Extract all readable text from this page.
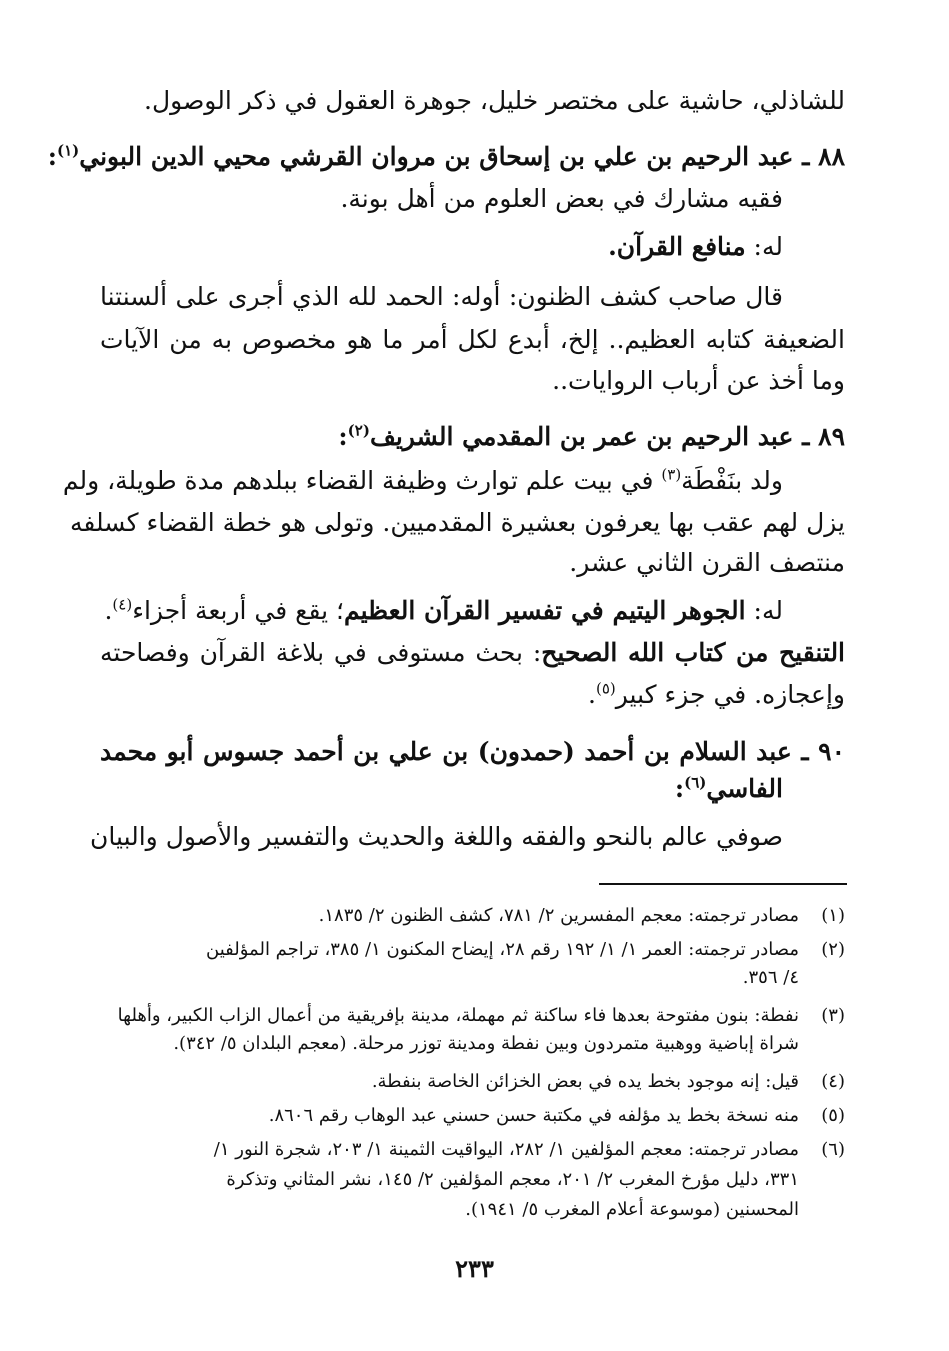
للشاذلي، حاشية على مختصر خليل، جوهرة العقول في ذكر الوصول.
٨٨ ـ عبد الرحيم بن علي بن إسحاق بن مروان القرشي محيي الدين البوني$^{(١)}$:
فقيه مشارك في بعض العلوم من أهل بونة.
له: منافع القرآن.
قال صاحب كشف الظنون: أوله: الحمد لله الذي أجرى على ألسنتنا
الضعيفة كتابه العظيم.. إلخ، أبدع لكل أمر ما هو مخصوص به من الآيات
وما أخذ عن أرباب الروايات..
٨٩ ـ عبد الرحيم بن عمر بن المقدمي الشريف$^{(٢)}$:
ولد بنَفْطَة$^{(٣)}$ في بيت علم توارث وظيفة القضاء ببلدهم مدة طويلة، ولم
يزل لهم عقب بها يعرفون بعشيرة المقدميين. وتولى هو خطة القضاء كسلفه
منتصف القرن الثاني عشر.
له: الجوهر اليتيم في تفسير القرآن العظيم؛ يقع في أربعة أجزاء$^{(٤)}$.
التنقيح من كتاب الله الصحيح: بحث مستوفى في بلاغة القرآن وفصاحته
وإعجازه. في جزء كبير$^{(٥)}$.
٩٠ ـ عبد السلام بن أحمد (حمدون) بن علي بن أحمد جسوس أبو محمد
الفاسي$^{(٦)}$:
صوفي عالم بالنحو والفقه واللغة والحديث والتفسير والأصول والبيان
(١)مصادر ترجمته: معجم المفسرين ٢/ ٧٨١، كشف الظنون ٢/ ١٨٣٥.
(٢)مصادر ترجمته: العمر ١/ ١/ ١٩٢ رقم ٢٨، إيضاح المكنون ١/ ٣٨٥، تراجم المؤلفين
٤/ ٣٥٦.
(٣)نفطة: بنون مفتوحة بعدها فاء ساكنة ثم مهملة، مدينة بإفريقية من أعمال الزاب الكبير، وأهلها
شراة إباضية ووهبية متمردون وبين نفطة ومدينة توزر مرحلة. (معجم البلدان ٥/ ٣٤٢).
(٤)قيل: إنه موجود بخط يده في بعض الخزائن الخاصة بنفطة.
(٥)منه نسخة بخط يد مؤلفه في مكتبة حسن حسني عبد الوهاب رقم ٨٦٠٦.
(٦)مصادر ترجمته: معجم المؤلفين ١/ ٢٨٢، اليواقيت الثمينة ١/ ٢٠٣، شجرة النور ١/
٣٣١، دليل مؤرخ المغرب ٢/ ٢٠١، معجم المؤلفين ٢/ ١٤٥، نشر المثاني وتذكرة
المحسنين (موسوعة أعلام المغرب ٥/ ١٩٤١).
٢٣٣
